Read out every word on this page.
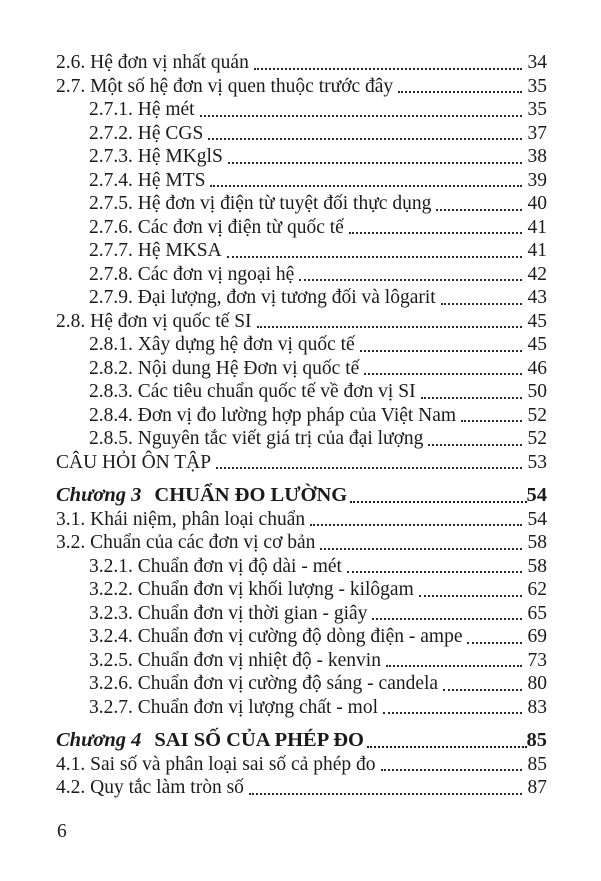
2.6. Hệ đơn vị nhất quán	34
2.7. Một số hệ đơn vị quen thuộc trước đây	35
2.7.1. Hệ mét	35
2.7.2. Hệ CGS	37
2.7.3. Hệ MKglS	38
2.7.4. Hệ MTS	39
2.7.5. Hệ đơn vị điện từ tuyệt đối thực dụng	40
2.7.6. Các đơn vị điện từ quốc tế	41
2.7.7. Hệ MKSA	41
2.7.8. Các đơn vị ngoại hệ	42
2.7.9. Đại lượng, đơn vị tương đối và lôgarit	43
2.8. Hệ đơn vị quốc tế SI	45
2.8.1. Xây dựng hệ đơn vị quốc tế	45
2.8.2. Nội dung Hệ Đơn vị quốc tế	46
2.8.3. Các tiêu chuẩn quốc tế về đơn vị SI	50
2.8.4. Đơn vị đo lường hợp pháp của Việt Nam	52
2.8.5. Nguyên tắc viết giá trị của đại lượng	52
CÂU HỎI ÔN TẬP	53
Chương 3 CHUẨN ĐO LƯỜNG	54
3.1. Khái niệm, phân loại chuẩn	54
3.2. Chuẩn của các đơn vị cơ bản	58
3.2.1. Chuẩn đơn vị độ dài - mét	58
3.2.2. Chuẩn đơn vị khối lượng - kilôgam	62
3.2.3. Chuẩn đơn vị thời gian - giây	65
3.2.4. Chuẩn đơn vị cường độ dòng điện - ampe	69
3.2.5. Chuẩn đơn vị nhiệt độ - kenvin	73
3.2.6. Chuẩn đơn vị cường độ sáng - candela	80
3.2.7. Chuẩn đơn vị lượng chất - mol	83
Chương 4 SAI SỐ CỦA PHÉP ĐO	85
4.1. Sai số và phân loại sai số cả phép đo	85
4.2. Quy tắc làm tròn số	87
6
